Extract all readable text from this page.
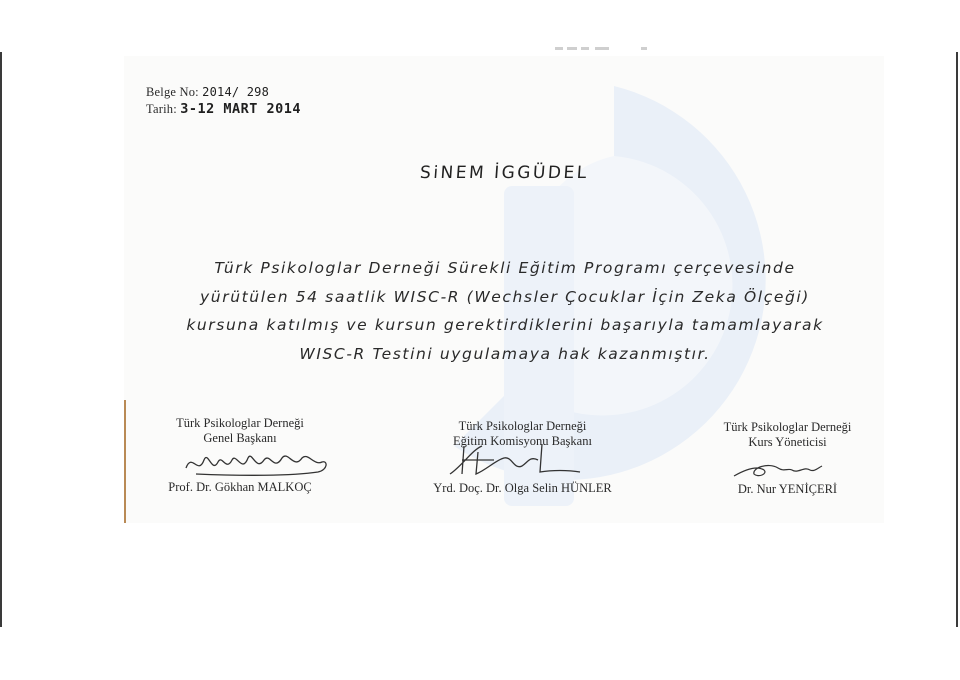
Belge No: 2014/ 298
Tarih: 3-12 MART 2014
SiNEM İGGÜDEL
Türk Psikologlar Derneği Sürekli Eğitim Programı çerçevesinde
yürütülen 54 saatlik WISC-R (Wechsler Çocuklar İçin Zeka Ölçeği)
kursuna katılmış ve kursun gerektirdiklerini başarıyla tamamlayarak
WISC-R Testini uygulamaya hak kazanmıştır.
Türk Psikologlar Derneği
Genel Başkanı
Prof. Dr. Gökhan MALKOÇ
Türk Psikologlar Derneği
Eğitim Komisyonu Başkanı
Yrd. Doç. Dr. Olga Selin HÜNLER
Türk Psikologlar Derneği
Kurs Yöneticisi
Dr. Nur YENİÇERİ
